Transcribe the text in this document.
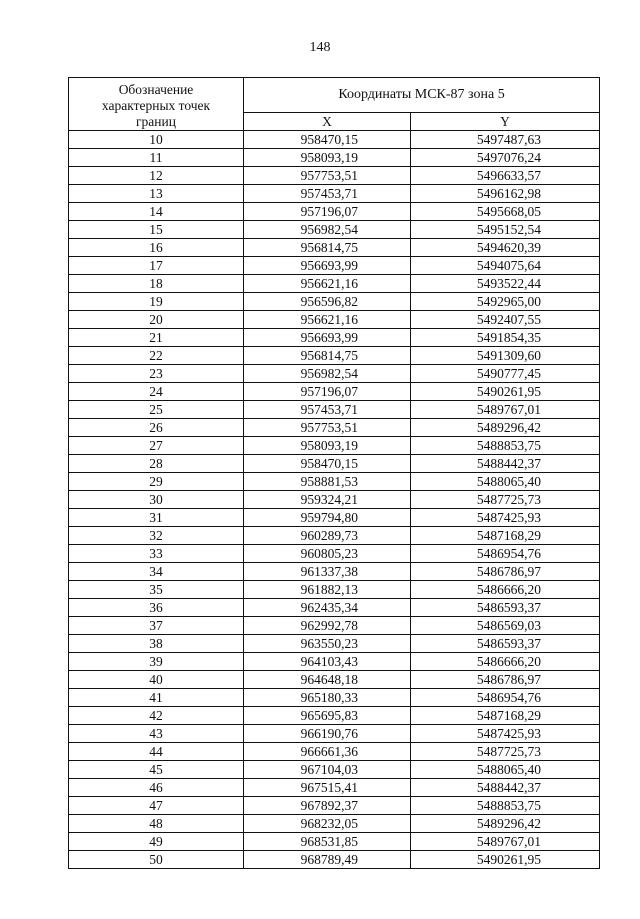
148
Обозначение
характерных точек
границ	Координаты МСК-87 зона 5	
	X	Y
10	958470,15	5497487,63
11	958093,19	5497076,24
12	957753,51	5496633,57
13	957453,71	5496162,98
14	957196,07	5495668,05
15	956982,54	5495152,54
16	956814,75	5494620,39
17	956693,99	5494075,64
18	956621,16	5493522,44
19	956596,82	5492965,00
20	956621,16	5492407,55
21	956693,99	5491854,35
22	956814,75	5491309,60
23	956982,54	5490777,45
24	957196,07	5490261,95
25	957453,71	5489767,01
26	957753,51	5489296,42
27	958093,19	5488853,75
28	958470,15	5488442,37
29	958881,53	5488065,40
30	959324,21	5487725,73
31	959794,80	5487425,93
32	960289,73	5487168,29
33	960805,23	5486954,76
34	961337,38	5486786,97
35	961882,13	5486666,20
36	962435,34	5486593,37
37	962992,78	5486569,03
38	963550,23	5486593,37
39	964103,43	5486666,20
40	964648,18	5486786,97
41	965180,33	5486954,76
42	965695,83	5487168,29
43	966190,76	5487425,93
44	966661,36	5487725,73
45	967104,03	5488065,40
46	967515,41	5488442,37
47	967892,37	5488853,75
48	968232,05	5489296,42
49	968531,85	5489767,01
50	968789,49	5490261,95
